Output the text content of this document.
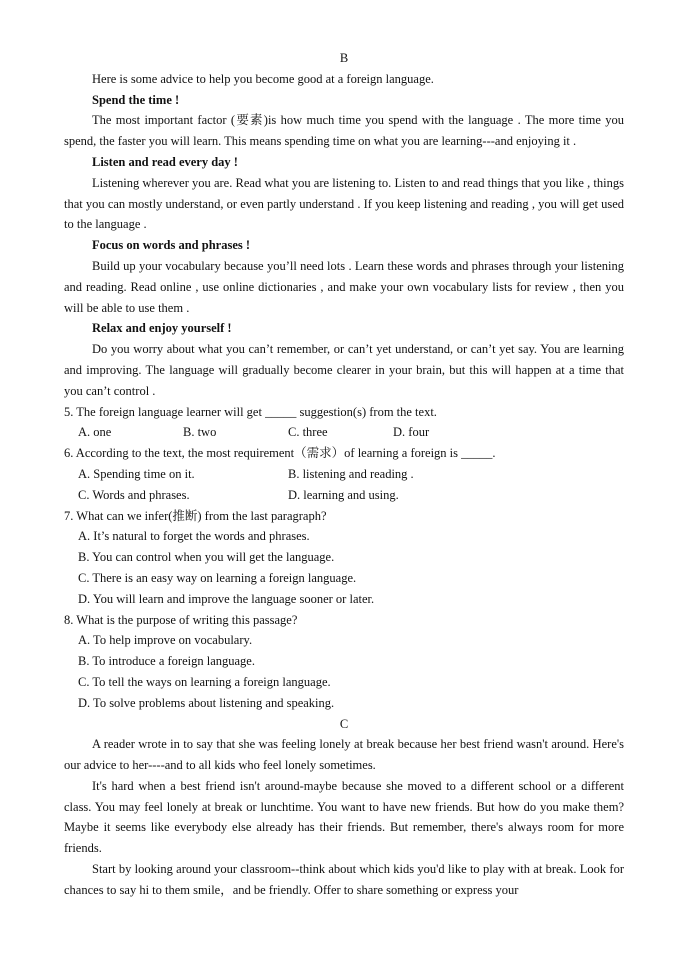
B

Here is some advice to help you become good at a foreign language.

Spend the time !

The most important factor (要素)is how much time you spend with the language . The more time you spend, the faster you will learn. This means spending time on what you are learning---and enjoying it .

Listen and read every day !

Listening wherever you are. Read what you are listening to. Listen to and read things that you like , things that you can mostly understand, or even partly understand . If you keep listening and reading , you will get used to the language .

Focus on words and phrases !

Build up your vocabulary because you’ll need lots . Learn these words and phrases through your listening and reading. Read online , use online dictionaries , and make your own vocabulary lists for review , then you will be able to use them .

Relax and enjoy yourself !

Do you worry about what you can’t remember, or can’t yet understand, or can’t yet say. You are learning and improving. The language will gradually become clearer in your brain, but this will happen at a time that you can’t control .

5. The foreign language learner will get _____ suggestion(s) from the text.

A. one	B. two	C. three	D. four

6. According to the text, the most requirement（需求）of learning a foreign is _____.

A. Spending time on it.	B. listening and reading .
C. Words and phrases.	D. learning and using.

7. What can we infer(推断) from the last paragraph?

A. It’s natural to forget the words and phrases.

B. You can control when you will get the language.

C. There is an easy way on learning a foreign language.

D. You will learn and improve the language sooner or later.

8. What is the purpose of writing this passage?

A. To help improve on vocabulary.

B. To introduce a foreign language.

C. To tell the ways on learning a foreign language.

D. To solve problems about listening and speaking.

C

A reader wrote in to say that she was feeling lonely at break because her best friend wasn't around. Here's our advice to her----and to all kids who feel lonely sometimes.

It's hard when a best friend isn't around-maybe because she moved to a different school or a different class. You may feel lonely at break or lunchtime. You want to have new friends. But how do you make them? Maybe it seems like everybody else already has their friends. But remember, there's always room for more friends.

Start by looking around your classroom--think about which kids you'd like to play with at break. Look for chances to say hi to them smile，and be friendly. Offer to share something or express your
